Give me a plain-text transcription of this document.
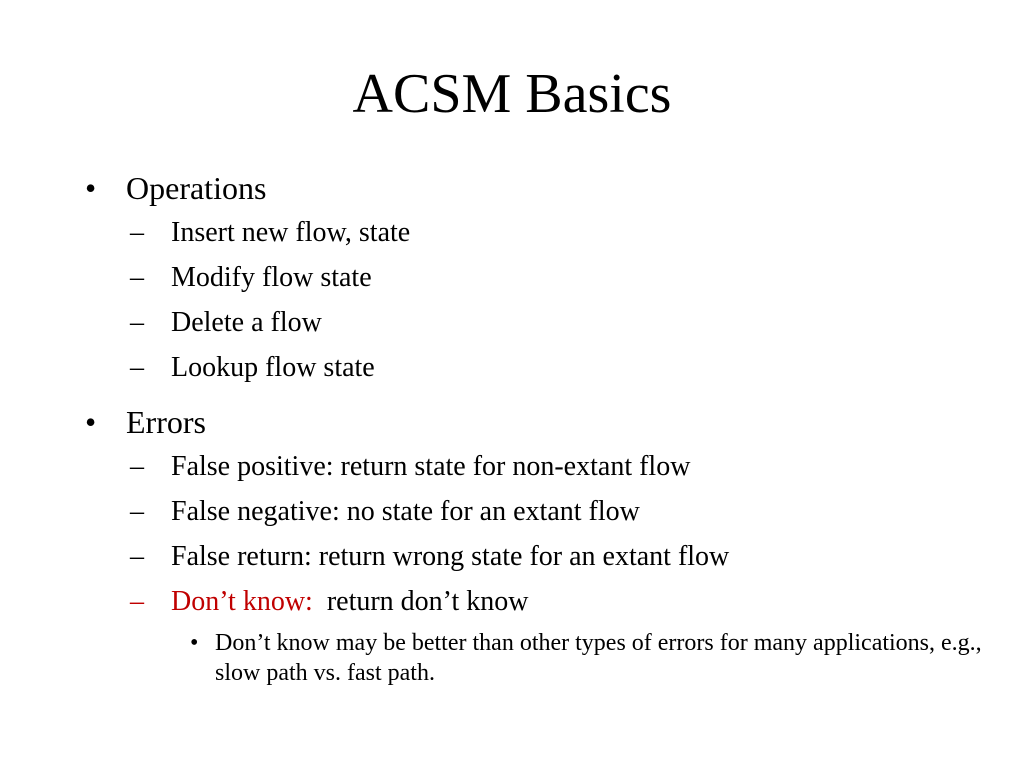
ACSM Basics
• Operations
– Insert new flow, state
– Modify flow state
– Delete a flow
– Lookup flow state
• Errors
– False positive: return state for non-extant flow
– False negative: no state for an extant flow
– False return: return wrong state for an extant flow
– Don’t know:  return don’t know
• Don’t know may be better than other types of errors for many applications, e.g., slow path vs. fast path.
